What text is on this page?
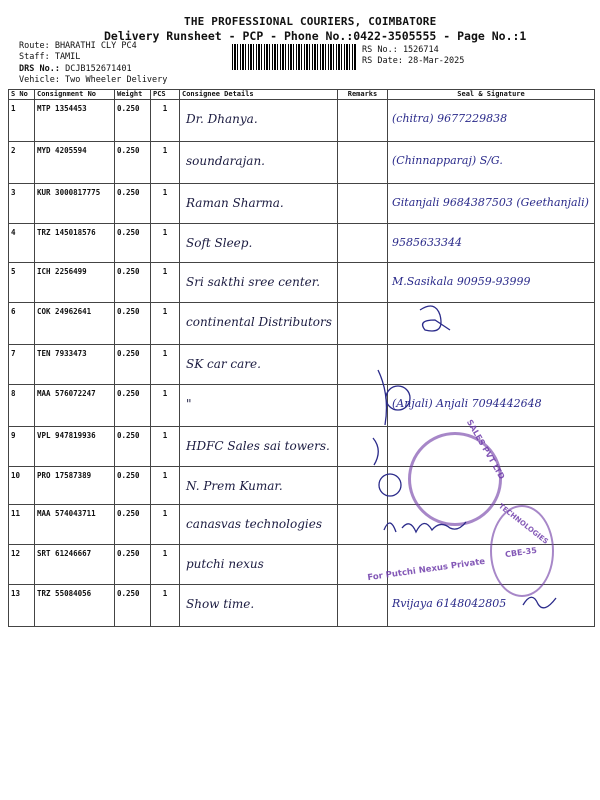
THE PROFESSIONAL COURIERS, COIMBATORE
Delivery Runsheet - PCP - Phone No.:0422-3505555 - Page No.:1
Route: BHARATHI CLY PC4
Staff: TAMIL
DRS No.: DCJB152671401
Vehicle: Two Wheeler Delivery
RS No.: 1526714
RS Date: 28-Mar-2025
S No	Consignment No	Weight	PCS	Consignee Details	Remarks	Seal & Signature
1	MTP 1354453	0.250	1	Dr. Dhanya.		(chitra) 9677229838

2	MYD 4205594	0.250	1	soundarajan.		(Chinnapparaj) S/G.

3	KUR 3000817775	0.250	1	Raman Sharma.		Gitanjali 9684387503 (Geethanjali)

4	TRZ 145018576	0.250	1	Soft Sleep.		9585633344

5	ICH 2256499	0.250	1	Sri sakthi sree center.		M.Sasikala 90959-93999

6	COK 24962641	0.250	1	continental Distributors		

7	TEN 7933473	0.250	1	SK car care.		

8	MAA 576072247	0.250	1	"		(Anjali) Anjali 7094442648

9	VPL 947819936	0.250	1	HDFC Sales sai towers.		

10	PRO 17587389	0.250	1	N. Prem Kumar.		

11	MAA 574043711	0.250	1	canasvas technologies		

12	SRT 61246667	0.250	1	putchi nexus		

13	TRZ 55084056	0.250	1	Show time.		Rvijaya 6148042805
SALES PVT LTD
TECHNOLOGIES
For Putchi Nexus Private
CBE-35
